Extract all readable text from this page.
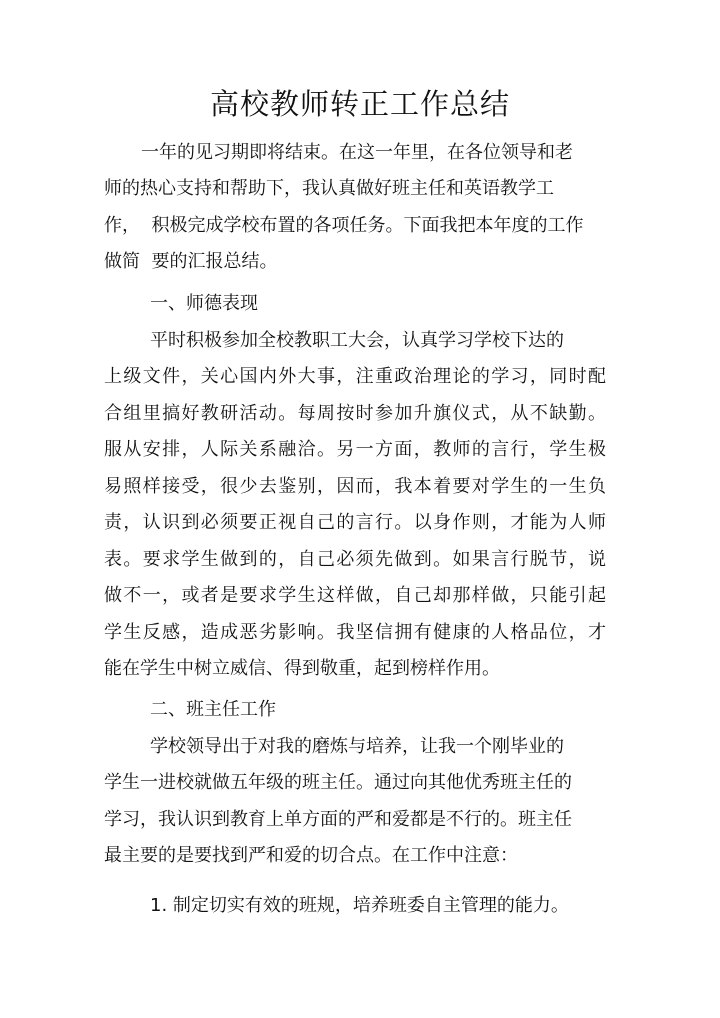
高校教师转正工作总结
一年的见习期即将结束。在这一年里，在各位领导和老
师的热心支持和帮助下，我认真做好班主任和英语教学工
作，  积极完成学校布置的各项任务。下面我把本年度的工作
做简  要的汇报总结。
一、师德表现
平时积极参加全校教职工大会，认真学习学校下达的
上级文件，关心国内外大事，注重政治理论的学习，同时配
合组里搞好教研活动。每周按时参加升旗仪式，从不缺勤。
服从安排，人际关系融洽。另一方面，教师的言行，学生极
易照样接受，很少去鉴别，因而，我本着要对学生的一生负
责，认识到必须要正视自己的言行。以身作则，才能为人师
表。要求学生做到的，自己必须先做到。如果言行脱节，说
做不一，或者是要求学生这样做，自己却那样做，只能引起
学生反感，造成恶劣影响。我坚信拥有健康的人格品位，才
能在学生中树立威信、得到敬重，起到榜样作用。
二、班主任工作
学校领导出于对我的磨炼与培养，让我一个刚毕业的
学生一进校就做五年级的班主任。通过向其他优秀班主任的
学习，我认识到教育上单方面的严和爱都是不行的。班主任
最主要的是要找到严和爱的切合点。在工作中注意：
1. 制定切实有效的班规，培养班委自主管理的能力。
